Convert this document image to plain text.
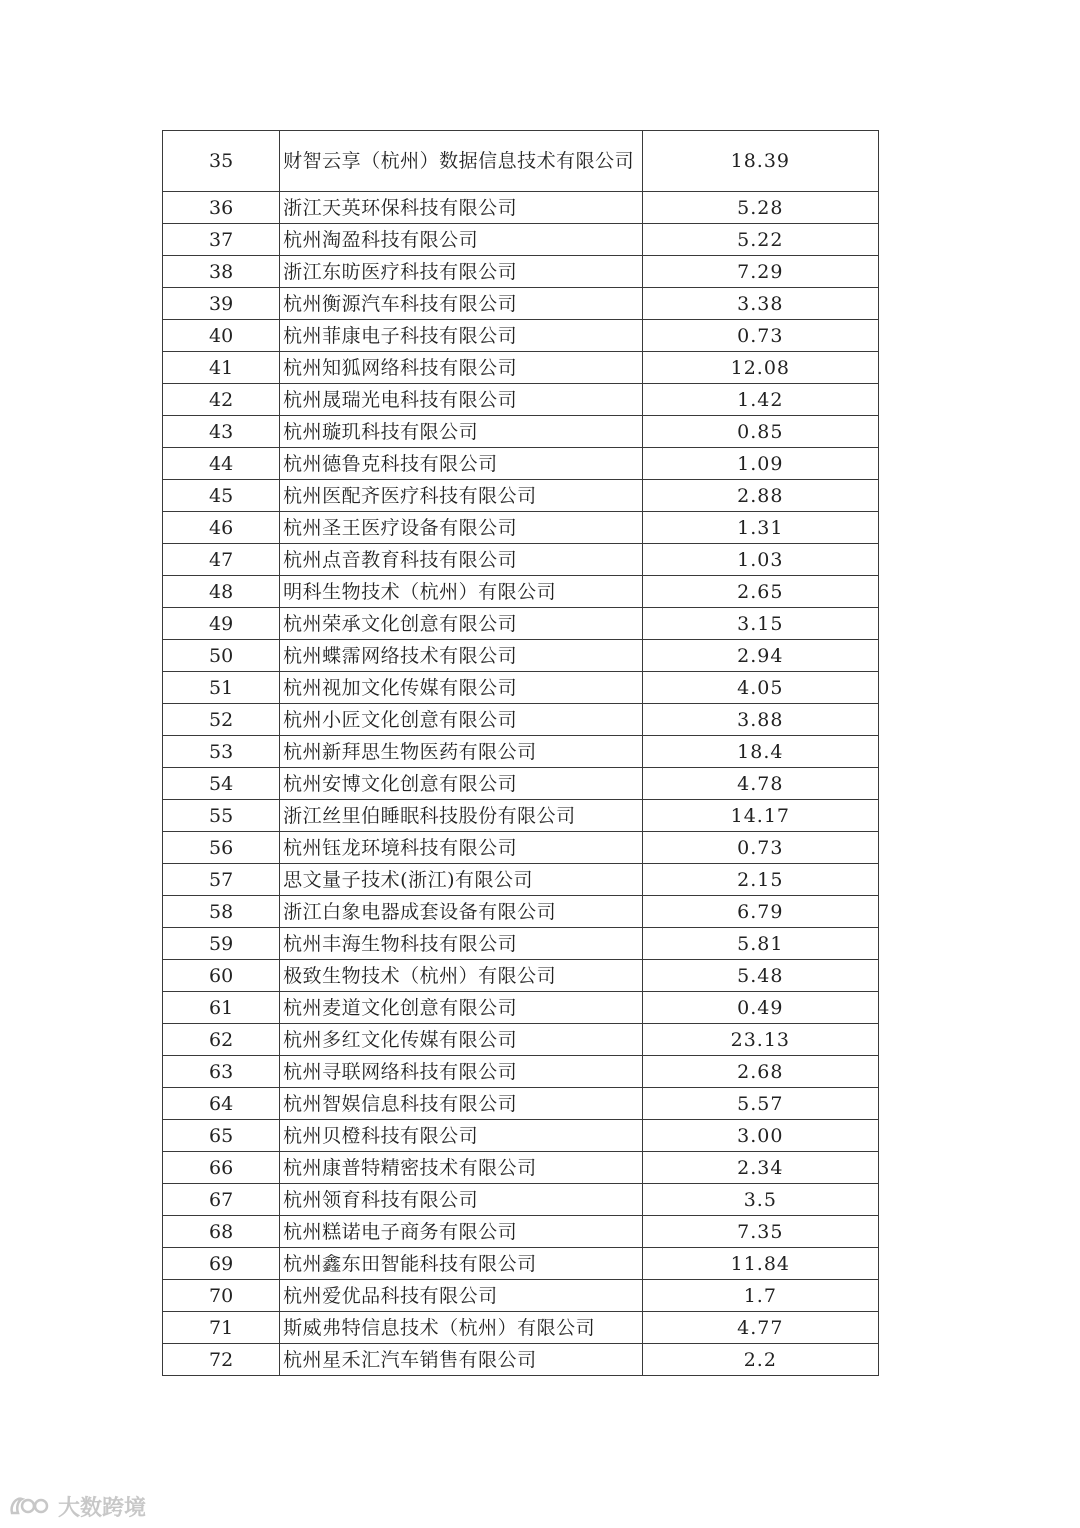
35	财智云享（杭州）数据信息技术有限公司	18.39
36	浙江天英环保科技有限公司	5.28
37	杭州淘盈科技有限公司	5.22
38	浙江东昉医疗科技有限公司	7.29
39	杭州衡源汽车科技有限公司	3.38
40	杭州菲康电子科技有限公司	0.73
41	杭州知狐网络科技有限公司	12.08
42	杭州晟瑞光电科技有限公司	1.42
43	杭州璇玑科技有限公司	0.85
44	杭州德鲁克科技有限公司	1.09
45	杭州医配齐医疗科技有限公司	2.88
46	杭州圣王医疗设备有限公司	1.31
47	杭州点音教育科技有限公司	1.03
48	明科生物技术（杭州）有限公司	2.65
49	杭州荣承文化创意有限公司	3.15
50	杭州蝶霈网络技术有限公司	2.94
51	杭州视加文化传媒有限公司	4.05
52	杭州小匠文化创意有限公司	3.88
53	杭州新拜思生物医药有限公司	18.4
54	杭州安博文化创意有限公司	4.78
55	浙江丝里伯睡眠科技股份有限公司	14.17
56	杭州钰龙环境科技有限公司	0.73
57	思文量子技术(浙江)有限公司	2.15
58	浙江白象电器成套设备有限公司	6.79
59	杭州丰海生物科技有限公司	5.81
60	极致生物技术（杭州）有限公司	5.48
61	杭州麦道文化创意有限公司	0.49
62	杭州多红文化传媒有限公司	23.13
63	杭州寻联网络科技有限公司	2.68
64	杭州智娱信息科技有限公司	5.57
65	杭州贝橙科技有限公司	3.00
66	杭州康普特精密技术有限公司	2.34
67	杭州领育科技有限公司	3.5
68	杭州糕诺电子商务有限公司	7.35
69	杭州鑫东田智能科技有限公司	11.84
70	杭州爱优品科技有限公司	1.7
71	斯威弗特信息技术（杭州）有限公司	4.77
72	杭州星禾汇汽车销售有限公司	2.2
大数跨境
